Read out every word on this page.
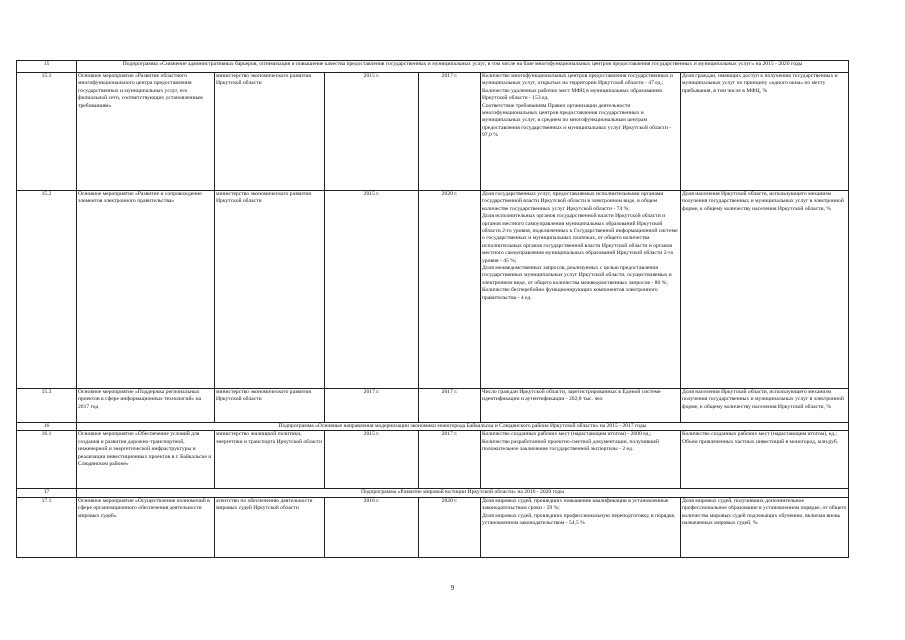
15	Подпрограмма «Снижение административных барьеров, оптимизация и повышение качества предоставления государственных и муниципальных услуг, в том числе на базе многофункциональных центров предоставления государственных и муниципальных услуг» на 2015 - 2020 годы					
15.1	Основное мероприятие «Развитие областного многофункционального центра предоставления государственных и муниципальных услуг, его филиальной сети, соответствующих установленным требованиям»	министерство экономического развития Иркутской области	2015 г.	2017 г.	Количество многофункциональных центров предоставления государственных и муниципальных услуг, открытых на территории Иркутской области - 47 ед.;
Количество удаленных рабочих мест МФЦ в муниципальных образованиях Иркутской области - 153 ед.
Соответствие требованиям Правил организации деятельности многофункциональных центров предоставления государственных и муниципальных услуг, в среднем по многофункциональным центрам предоставления государственных и муниципальных услуг Иркутской области - 97,0 %	Доля граждан, имеющих доступ к получению государственных и муниципальных услуг по принципу «одного окна» по месту пребывания, в том числе в МФЦ, %

15.2	Основное мероприятие «Развитие и сопровождение элементов электронного правительства»	министерство экономического развития Иркутской области	2015 г.	2020 г.	Доля государственных услуг, предоставляемых исполнительными органами государственной власти Иркутской области в электронном виде, в общем количестве государственных услуг Иркутской области - 74 %;
Доля исполнительных органов государственной власти Иркутской области и органов местного самоуправления муниципальных образований Иркутской области 2-го уровня, подключенных к Государственной информационной системе о государственных и муниципальных платежах, от общего количества исполнительных органов государственной власти Иркутской области и органов местного самоуправления муниципальных образований Иркутской области 2-го уровня - 45 %;
Доля межведомственных запросов, реализуемых с целью предоставления государственных муниципальных услуг Иркутской области, осуществляемых в электронном виде, от общего количества межведомственных запросов - 80 %;
Количество бесперебойно функционирующих компонентов электронного правительства - 4 ед.	Доля населения Иркутской области, использующего механизм получения государственных и муниципальных услуг в электронной форме, к общему количеству населения Иркутской области, %

15.3	Основное мероприятие «Поддержка региональных проектов в сфере информационных технологий» на 2017 год	министерство экономического развития Иркутской области	2017 г.	2017 г.	Число граждан Иркутской области, зарегистрированных в Единой системе идентификации и аутентификации - 202,8 тыс. чел	Доля населения Иркутской области, использующего механизм получения государственных и муниципальных услуг в электронной форме, к общему количеству населения Иркутской области, %

16	Подпрограмма «Основные направления модернизации экономики моногорода Байкальска и Слюдянского района Иркутской области» на 2015 - 2017 годы					
16.1	Основное мероприятие «Обеспечение условий для создания и развития дорожно-транспортной, инженерной и энергетической инфраструктуры и реализации инвестиционных проектов в г. Байкальске и Слюдянском районе»	министерство жилищной политики, энергетики и транспорта Иркутской области	2015 г.	2017 г.	Количество созданных рабочих мест (нарастающим итогом) - 2600 ед.;
Количество разработанной проектно-сметной документации, получившей положительное заключение государственной экспертизы - 2 ед.	Количество созданных рабочих мест (нарастающим итогом), ед.;
Объем привлеченных частных инвестиций в моногород, млн.руб.

17	Подпрограмма «Развитие мировой юстиции Иркутской области» на 2016 - 2020 годы					
17.1	Основное мероприятие «Осуществление полномочий в сфере организационного обеспечения деятельности мировых судей»	агентство по обеспечению деятельности мировых судей Иркутской области	2016 г.	2020 г.	Доля мировых судей, прошедших повышение квалификации в установленные законодательством сроки - 59 %;
Доля мировых судей, прошедших профессиональную переподготовку, в порядке, установленном законодательством - 54,5 %	Доля мировых судей, получивших дополнительное профессиональное образование в установленном порядке, от общего количества мировых судей подлежащих обучению, включая вновь назначенных мировых судей, %
9
